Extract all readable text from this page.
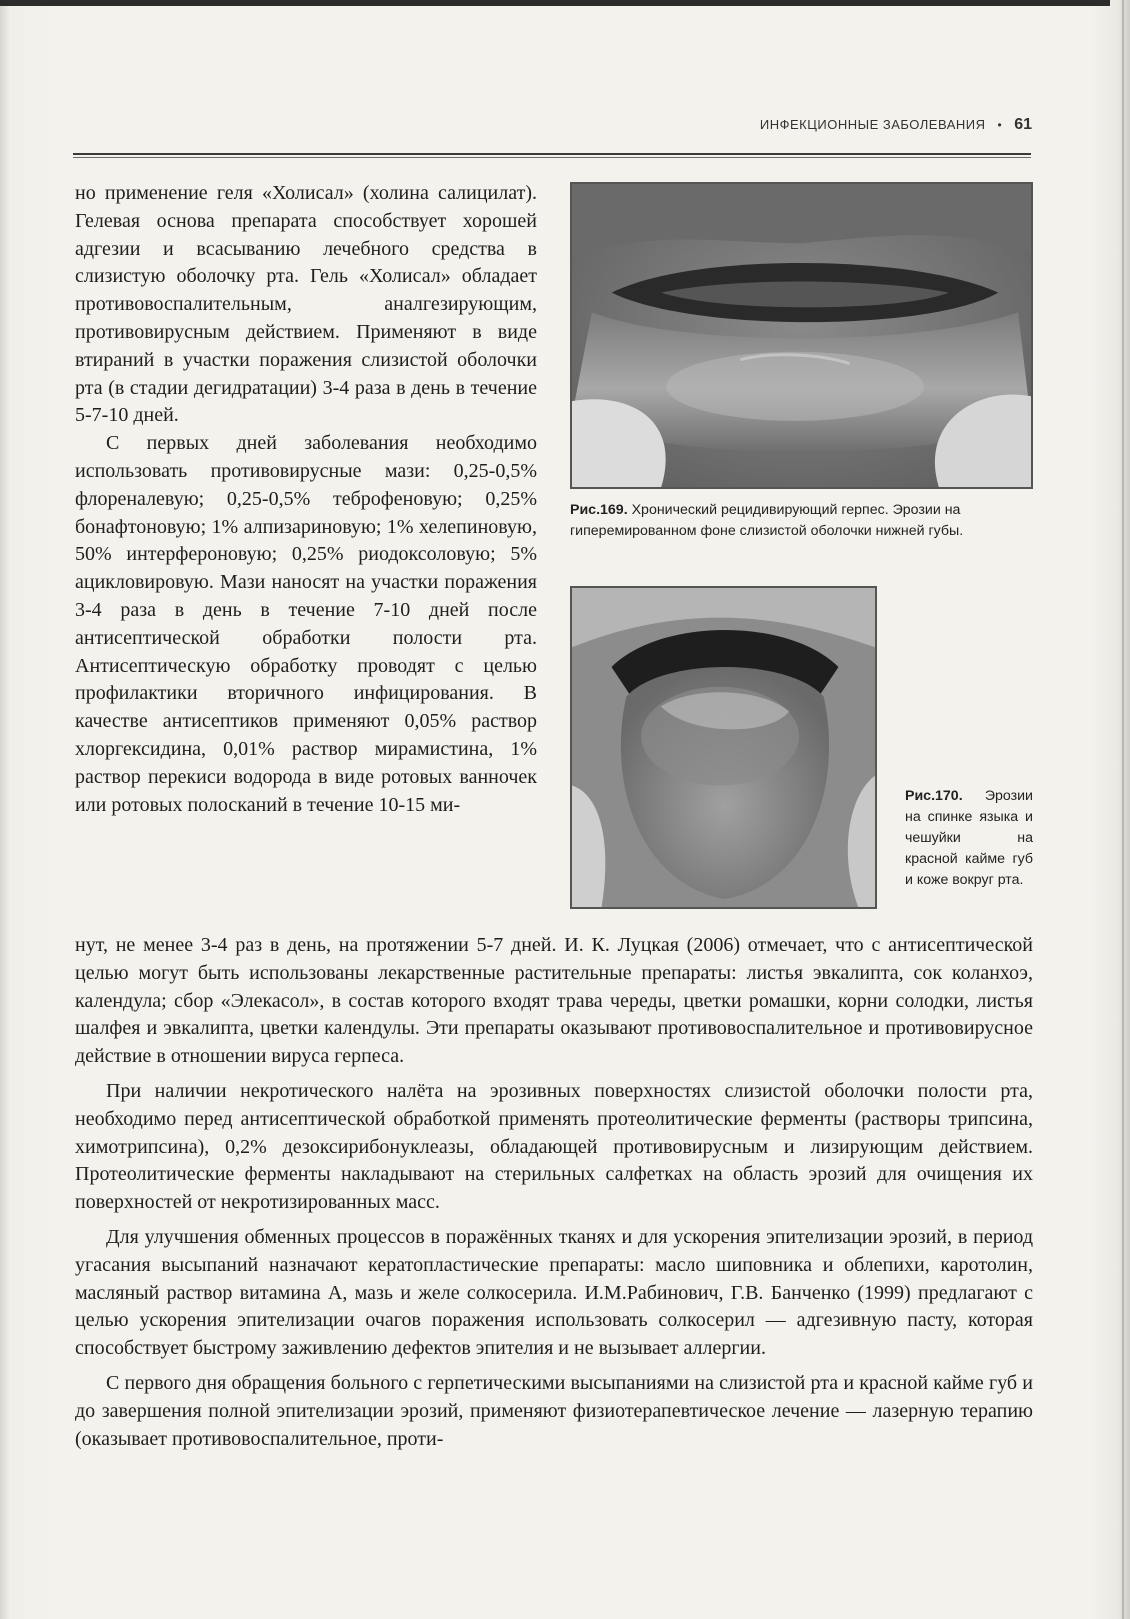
ИНФЕКЦИОННЫЕ ЗАБОЛЕВАНИЯ • 61

но применение геля «Холисал» (холина салицилат). Гелевая основа препарата способствует хорошей адгезии и всасыванию лечебного средства в слизистую оболочку рта. Гель «Холисал» обладает противовоспалительным, аналгезирующим, противовирусным действием. Применяют в виде втираний в участки поражения слизистой оболочки рта (в стадии дегидратации) 3-4 раза в день в течение 5-7-10 дней.

С первых дней заболевания необходимо использовать противовирусные мази: 0,25-0,5% флореналевую; 0,25-0,5% теброфеновую; 0,25% бонафтоновую; 1% алпизариновую; 1% хелепиновую, 50% интерфероновую; 0,25% риодоксоловую; 5% ацикловировую. Мази наносят на участки поражения 3-4 раза в день в течение 7-10 дней после антисептической обработки полости рта. Антисептическую обработку проводят с целью профилактики вторичного инфицирования. В качестве антисептиков применяют 0,05% раствор хлоргексидина, 0,01% раствор мирамистина, 1% раствор перекиси водорода в виде ротовых ванночек или ротовых полосканий в течение 10-15 ми-

Рис.169. Хронический рецидивирующий герпес. Эрозии на гиперемированном фоне слизистой оболочки нижней губы.
Рис.170. Эрозии на спинке языка и чешуйки на красной кайме губ и коже вокруг рта.

нут, не менее 3-4 раз в день, на протяжении 5-7 дней. И. К. Луцкая (2006) отмечает, что с антисептической целью могут быть использованы лекарственные растительные препараты: листья эвкалипта, сок коланхоэ, календула; сбор «Элекасол», в состав которого входят трава череды, цветки ромашки, корни солодки, листья шалфея и эвкалипта, цветки календулы. Эти препараты оказывают противовоспалительное и противовирусное действие в отношении вируса герпеса.

При наличии некротического налёта на эрозивных поверхностях слизистой оболочки полости рта, необходимо перед антисептической обработкой применять протеолитические ферменты (растворы трипсина, химотрипсина), 0,2% дезоксирибонуклеазы, обладающей противовирусным и лизирующим действием. Протеолитические ферменты накладывают на стерильных салфетках на область эрозий для очищения их поверхностей от некротизированных масс.

Для улучшения обменных процессов в поражённых тканях и для ускорения эпителизации эрозий, в период угасания высыпаний назначают кератопластические препараты: масло шиповника и облепихи, каротолин, масляный раствор витамина А, мазь и желе солкосерила. И.М.Рабинович, Г.В. Банченко (1999) предлагают с целью ускорения эпителизации очагов поражения использовать солкосерил — адгезивную пасту, которая способствует быстрому заживлению дефектов эпителия и не вызывает аллергии.

С первого дня обращения больного с герпетическими высыпаниями на слизистой рта и красной кайме губ и до завершения полной эпителизации эрозий, применяют физиотерапевтическое лечение — лазерную терапию (оказывает противовоспалительное, проти-
